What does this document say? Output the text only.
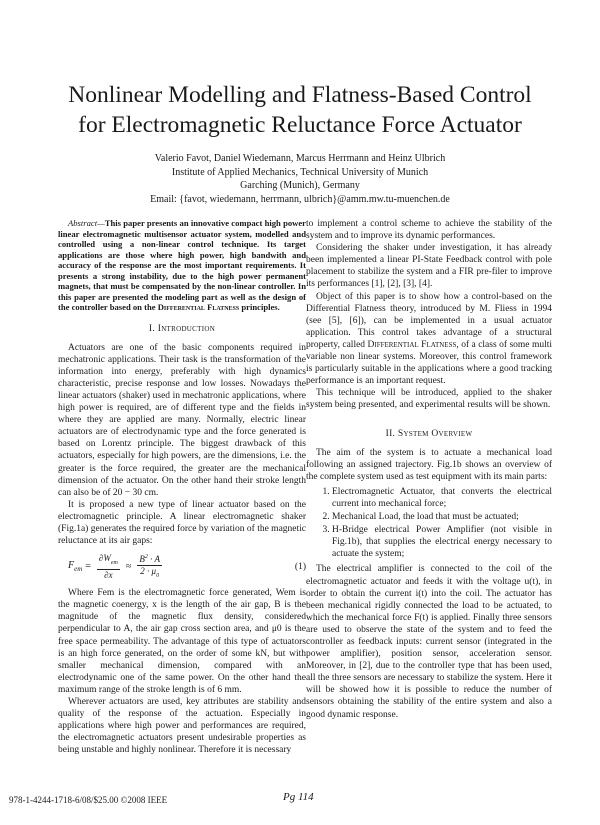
Nonlinear Modelling and Flatness-Based Control
for Electromagnetic Reluctance Force Actuator
Valerio Favot, Daniel Wiedemann, Marcus Herrmann and Heinz Ulbrich
Institute of Applied Mechanics, Technical University of Munich
Garching (Munich), Germany
Email: {favot, wiedemann, herrmann, ulbrich}@amm.mw.tu-muenchen.de

Abstract—This paper presents an innovative compact high power linear electromagnetic multisensor actuator system, modelled and controlled using a non-linear control technique. Its target applications are those where high power, high bandwith and accuracy of the response are the most important requirements. It presents a strong instability, due to the high power permanent magnets, that must be compensated by the non-linear controller. In this paper are presented the modeling part as well as the design of the controller based on the Differential Flatness principles.

I. Introduction

Actuators are one of the basic components required in mechatronic applications. Their task is the transformation of the information into energy, preferably with high dynamics characteristic, precise response and low losses. Nowadays the linear actuators (shaker) used in mechatronic applications, where high power is required, are of different type and the fields in where they are applied are many. Normally, electric linear actuators are of electrodynamic type and the force generated is based on Lorentz principle. The biggest drawback of this actuators, especially for high powers, are the dimensions, i.e. the greater is the force required, the greater are the mechanical dimension of the actuator. On the other hand their stroke length can also be of 20 − 30 cm.

It is proposed a new type of linear actuator based on the electromagnetic principle. A linear electromagnetic shaker (Fig.1a) generates the required force by variation of the magnetic reluctance at its air gaps:

$F_{em} = \frac{\partial W_{em}}{\partial x} \approx \frac{B^2 \cdot A}{2 \cdot \mu_0}$	(1)

Where Fem is the electromagnetic force generated, Wem is the magnetic coenergy, x is the length of the air gap, B is the magnitude of the magnetic flux density, considered perpendicular to A, the air gap cross section area, and μ0 is the free space permeability. The advantage of this type of actuators is an high force generated, on the order of some kN, but with smaller mechanical dimension, compared with an electrodynamic one of the same power. On the other hand the maximum range of the stroke length is of 6 mm.

Wherever actuators are used, key attributes are stability and quality of the response of the actuation. Especially in applications where high power and performances are required, the electromagnetic actuators present undesirable properties as being unstable and highly nonlinear. Therefore it is necessary

to implement a control scheme to achieve the stability of the system and to improve its dynamic performances.

Considering the shaker under investigation, it has already been implemented a linear PI-State Feedback control with pole placement to stabilize the system and a FIR pre-filer to improve its performances [1], [2], [3], [4].

Object of this paper is to show how a control-based on the Differential Flatness theory, introduced by M. Fliess in 1994 (see [5], [6]), can be implemented in a usual actuator application. This control takes advantage of a structural property, called Differential Flatness, of a class of some multi variable non linear systems. Moreover, this control framework is particularly suitable in the applications where a good tracking performance is an important request.

This technique will be introduced, applied to the shaker system being presented, and experimental results will be shown.

II. System Overview

The aim of the system is to actuate a mechanical load following an assigned trajectory. Fig.1b shows an overview of the complete system used as test equipment with its main parts:

1. Electromagnetic Actuator, that converts the electrical current into mechanical force;
2. Mechanical Load, the load that must be actuated;
3. H-Bridge electrical Power Amplifier (not visible in Fig.1b), that supplies the electrical energy necessary to actuate the system;

The electrical amplifier is connected to the coil of the electromagnetic actuator and feeds it with the voltage u(t), in order to obtain the current i(t) into the coil. The actuator has been mechanical rigidly connected the load to be actuated, to which the mechanical force F(t) is applied. Finally three sensors are used to observe the state of the system and to feed the controller as feedback inputs: current sensor (integrated in the power amplifier), position sensor, acceleration sensor. Moreover, in [2], due to the controller type that has been used, all the three sensors are necessary to stabilize the system. Here it will be showed how it is possible to reduce the number of sensors obtaining the stability of the entire system and also a good dynamic response.

978-1-4244-1718-6/08/$25.00 ©2008 IEEE	Pg 114
